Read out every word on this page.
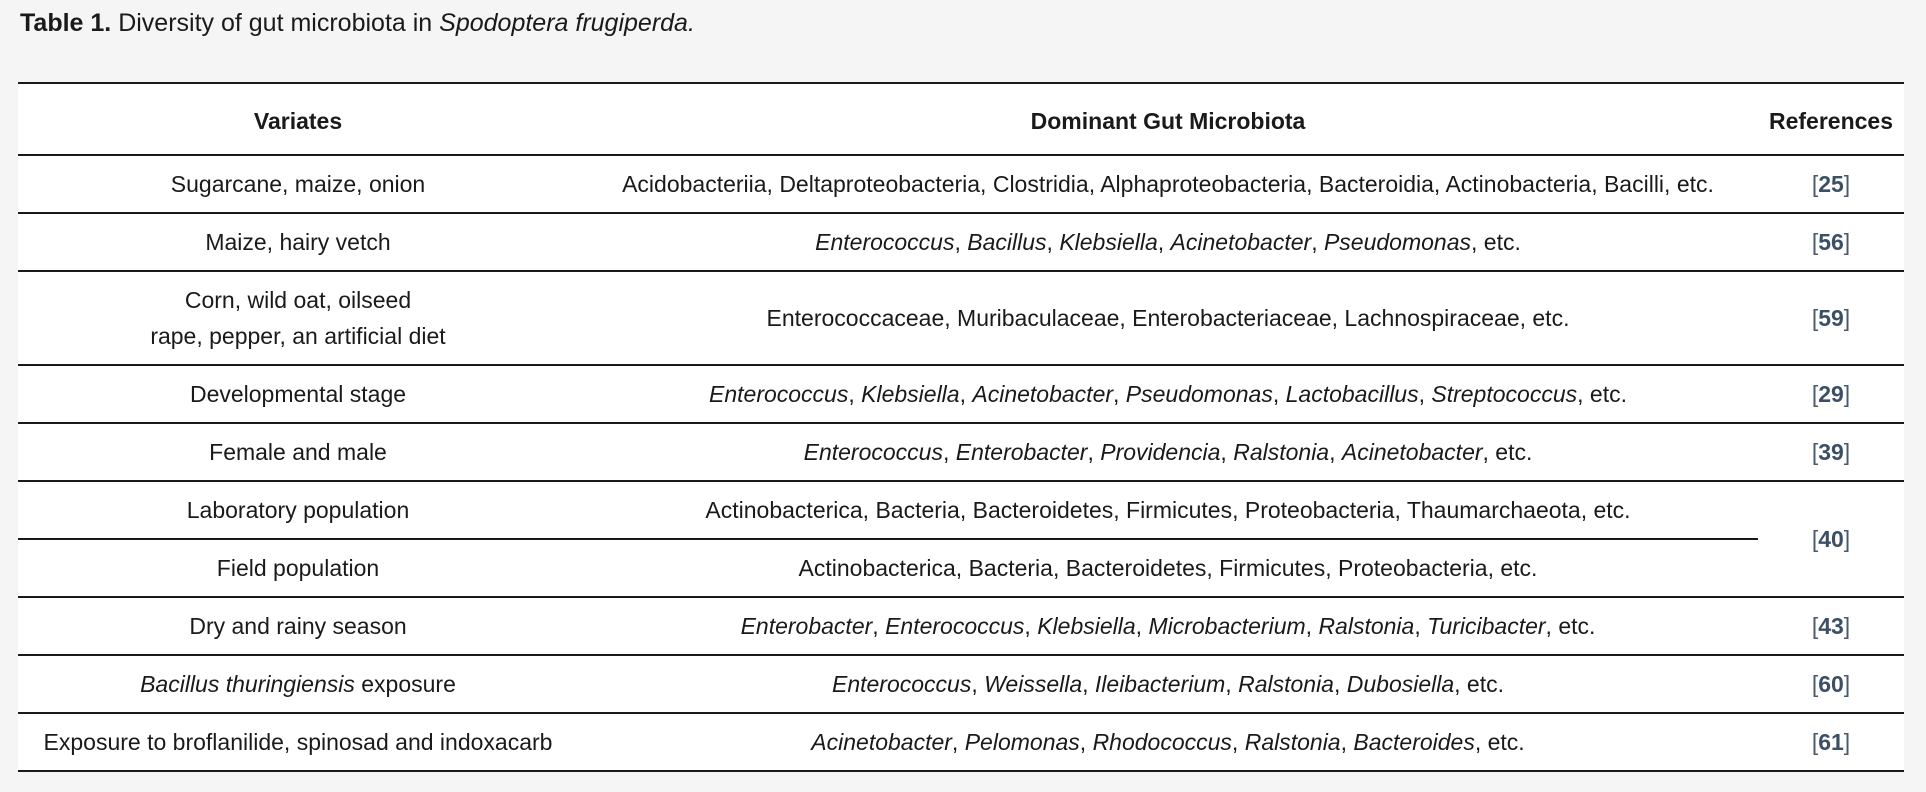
Table 1. Diversity of gut microbiota in Spodoptera frugiperda.
Variates	Dominant Gut Microbiota	References
Sugarcane, maize, onion	Acidobacteriia, Deltaproteobacteria, Clostridia, Alphaproteobacteria, Bacteroidia, Actinobacteria, Bacilli, etc.	[25]
Maize, hairy vetch	Enterococcus, Bacillus, Klebsiella, Acinetobacter, Pseudomonas, etc.	[56]
Corn, wild oat, oilseed
rape, pepper, an artificial diet	Enterococcaceae, Muribaculaceae, Enterobacteriaceae, Lachnospiraceae, etc.	[59]
Developmental stage	Enterococcus, Klebsiella, Acinetobacter, Pseudomonas, Lactobacillus, Streptococcus, etc.	[29]
Female and male	Enterococcus, Enterobacter, Providencia, Ralstonia, Acinetobacter, etc.	[39]
Laboratory population	Actinobacterica, Bacteria, Bacteroidetes, Firmicutes, Proteobacteria, Thaumarchaeota, etc.	[40]
Field population	Actinobacterica, Bacteria, Bacteroidetes, Firmicutes, Proteobacteria, etc.	
Dry and rainy season	Enterobacter, Enterococcus, Klebsiella, Microbacterium, Ralstonia, Turicibacter, etc.	[43]
Bacillus thuringiensis exposure	Enterococcus, Weissella, Ileibacterium, Ralstonia, Dubosiella, etc.	[60]
Exposure to broflanilide, spinosad and indoxacarb	Acinetobacter, Pelomonas, Rhodococcus, Ralstonia, Bacteroides, etc.	[61]
